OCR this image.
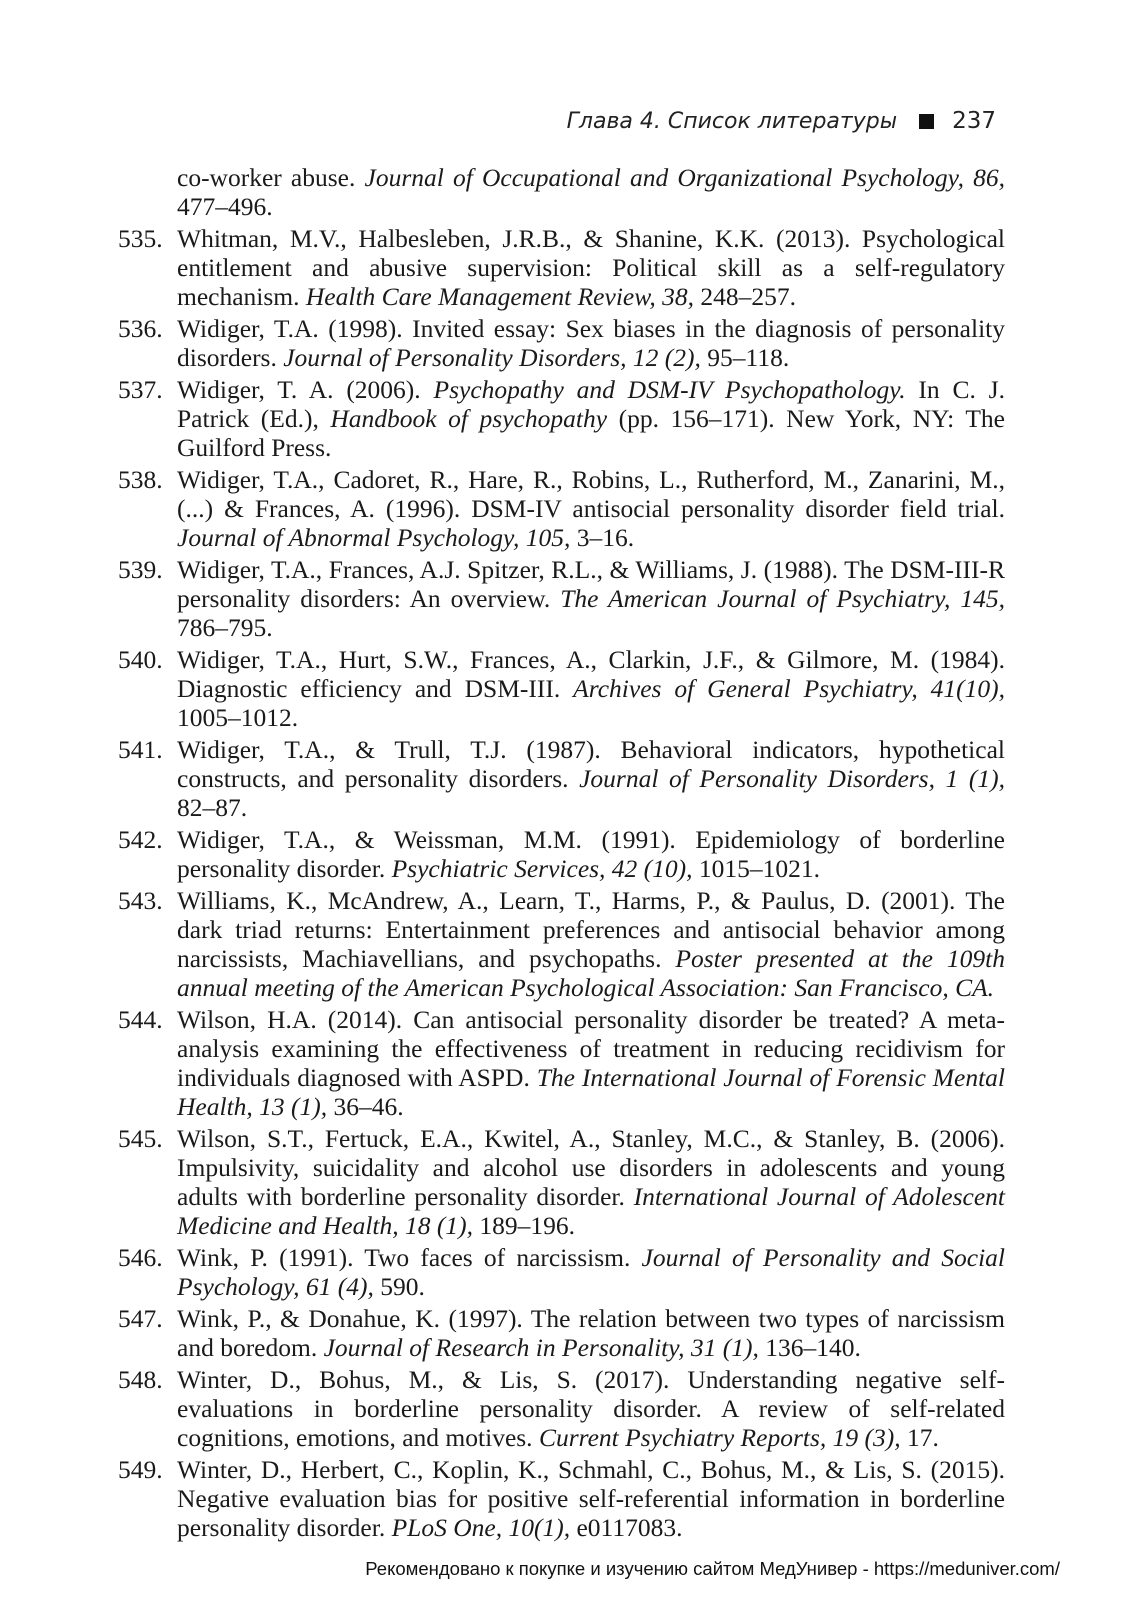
Глава 4. Список литературы 237
co-worker abuse. Journal of Occupational and Organizational Psychology, 86, 477–496.
535. Whitman, M.V., Halbesleben, J.R.B., & Shanine, K.K. (2013). Psychological entitlement and abusive supervision: Political skill as a self-regulatory mechanism. Health Care Management Review, 38, 248–257.
536. Widiger, T.A. (1998). Invited essay: Sex biases in the diagnosis of personality disorders. Journal of Personality Disorders, 12 (2), 95–118.
537. Widiger, T. A. (2006). Psychopathy and DSM-IV Psychopathology. In C. J. Patrick (Ed.), Handbook of psychopathy (pp. 156–171). New York, NY: The Guilford Press.
538. Widiger, T.A., Cadoret, R., Hare, R., Robins, L., Rutherford, M., Zanarini, M., (...) & Frances, A. (1996). DSM-IV antisocial personality disorder field trial. Journal of Abnormal Psychology, 105, 3–16.
539. Widiger, T.A., Frances, A.J. Spitzer, R.L., & Williams, J. (1988). The DSM-III-R personality disorders: An overview. The American Journal of Psychiatry, 145, 786–795.
540. Widiger, T.A., Hurt, S.W., Frances, A., Clarkin, J.F., & Gilmore, M. (1984). Diagnostic efficiency and DSM-III. Archives of General Psychiatry, 41(10), 1005–1012.
541. Widiger, T.A., & Trull, T.J. (1987). Behavioral indicators, hypothetical constructs, and personality disorders. Journal of Personality Disorders, 1 (1), 82–87.
542. Widiger, T.A., & Weissman, M.M. (1991). Epidemiology of borderline personality disorder. Psychiatric Services, 42 (10), 1015–1021.
543. Williams, K., McAndrew, A., Learn, T., Harms, P., & Paulus, D. (2001). The dark triad returns: Entertainment preferences and antisocial behavior among narcissists, Machiavellians, and psychopaths. Poster presented at the 109th annual meeting of the American Psychological Association: San Francisco, CA.
544. Wilson, H.A. (2014). Can antisocial personality disorder be treated? A meta-analysis examining the effectiveness of treatment in reducing recidivism for individuals diagnosed with ASPD. The International Journal of Forensic Mental Health, 13 (1), 36–46.
545. Wilson, S.T., Fertuck, E.A., Kwitel, A., Stanley, M.C., & Stanley, B. (2006). Impulsivity, suicidality and alcohol use disorders in adolescents and young adults with borderline personality disorder. International Journal of Adolescent Medicine and Health, 18 (1), 189–196.
546. Wink, P. (1991). Two faces of narcissism. Journal of Personality and Social Psychology, 61 (4), 590.
547. Wink, P., & Donahue, K. (1997). The relation between two types of narcissism and boredom. Journal of Research in Personality, 31 (1), 136–140.
548. Winter, D., Bohus, M., & Lis, S. (2017). Understanding negative self-evaluations in borderline personality disorder. A review of self-related cognitions, emotions, and motives. Current Psychiatry Reports, 19 (3), 17.
549. Winter, D., Herbert, C., Koplin, K., Schmahl, C., Bohus, M., & Lis, S. (2015). Negative evaluation bias for positive self-referential information in borderline personality disorder. PLoS One, 10(1), e0117083.
Рекомендовано к покупке и изучению сайтом МедУнивер - https://meduniver.com/
